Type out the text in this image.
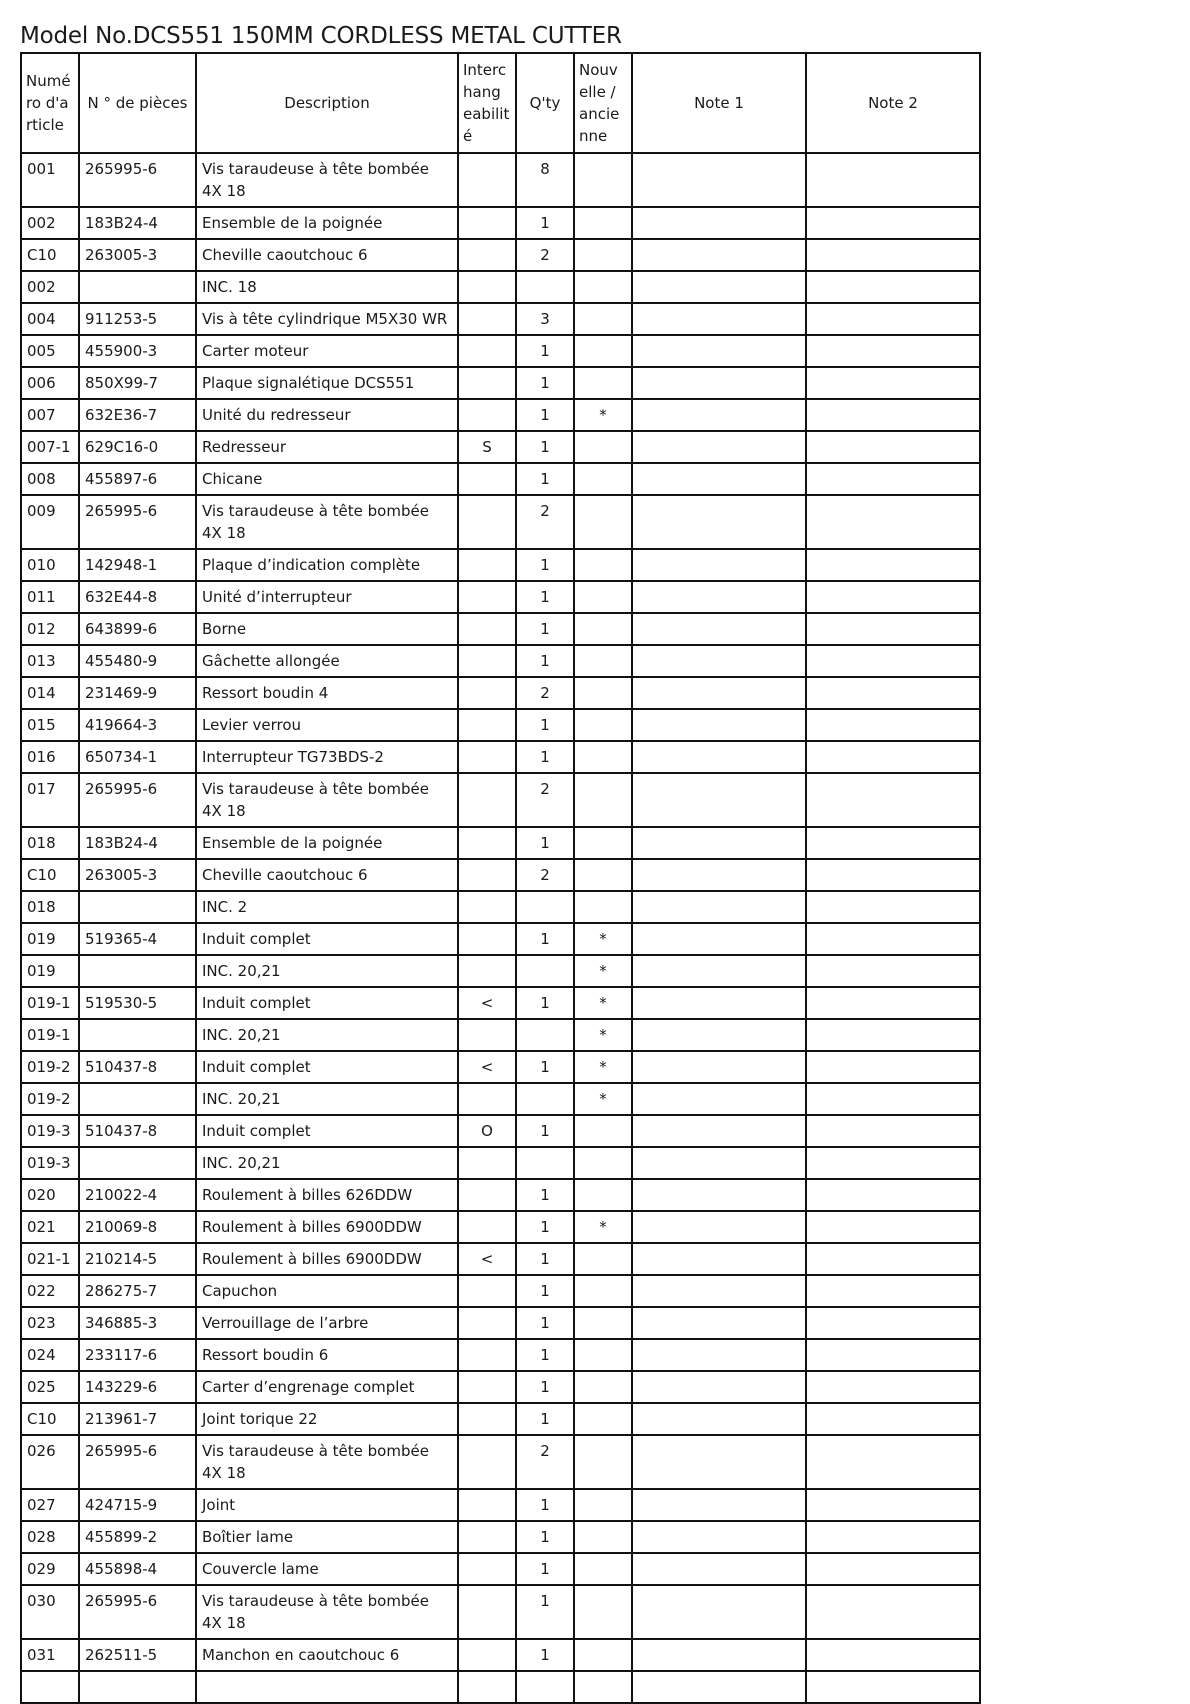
Model No.DCS551 150MM CORDLESS METAL CUTTER
Numé
ro d'a
rticle	N ° de pièces	Description	Interc
hang
eabilit
é	Q'ty	Nouv
elle /
ancie
nne	Note 1	Note 2
001	265995-6	Vis taraudeuse à tête bombée 4X 18		8			
002	183B24-4	Ensemble de la poignée		1			
C10	263005-3	Cheville caoutchouc 6		2			
002		INC. 18					
004	911253-5	Vis à tête cylindrique M5X30 WR		3			
005	455900-3	Carter moteur		1			
006	850X99-7	Plaque signalétique DCS551		1			
007	632E36-7	Unité du redresseur		1	*		
007-1	629C16-0	Redresseur	S	1			
008	455897-6	Chicane		1			
009	265995-6	Vis taraudeuse à tête bombée 4X 18		2			
010	142948-1	Plaque d’indication complète		1			
011	632E44-8	Unité d’interrupteur		1			
012	643899-6	Borne		1			
013	455480-9	Gâchette allongée		1			
014	231469-9	Ressort boudin 4		2			
015	419664-3	Levier verrou		1			
016	650734-1	Interrupteur TG73BDS-2		1			
017	265995-6	Vis taraudeuse à tête bombée 4X 18		2			
018	183B24-4	Ensemble de la poignée		1			
C10	263005-3	Cheville caoutchouc 6		2			
018		INC. 2					
019	519365-4	Induit complet		1	*		
019		INC. 20,21			*		
019-1	519530-5	Induit complet	<	1	*		
019-1		INC. 20,21			*		
019-2	510437-8	Induit complet	<	1	*		
019-2		INC. 20,21			*		
019-3	510437-8	Induit complet	O	1			
019-3		INC. 20,21					
020	210022-4	Roulement à billes 626DDW		1			
021	210069-8	Roulement à billes 6900DDW		1	*		
021-1	210214-5	Roulement à billes 6900DDW	<	1			
022	286275-7	Capuchon		1			
023	346885-3	Verrouillage de l’arbre		1			
024	233117-6	Ressort boudin 6		1			
025	143229-6	Carter d’engrenage complet		1			
C10	213961-7	Joint torique 22		1			
026	265995-6	Vis taraudeuse à tête bombée 4X 18		2			
027	424715-9	Joint		1			
028	455899-2	Boîtier lame		1			
029	455898-4	Couvercle lame		1			
030	265995-6	Vis taraudeuse à tête bombée 4X 18		1			
031	262511-5	Manchon en caoutchouc 6		1			
